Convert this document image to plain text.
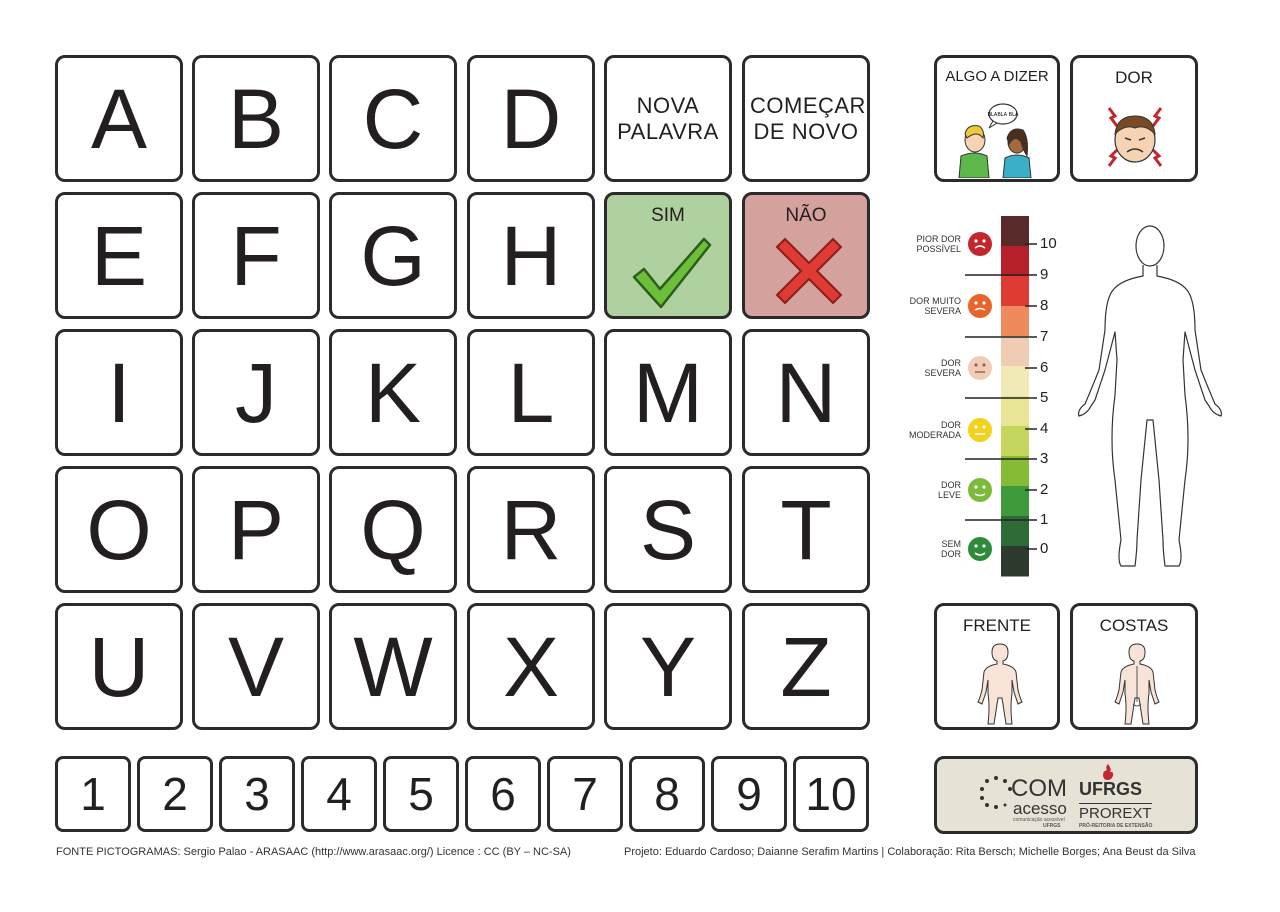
A B C D
E F G H
I J K L M N
O P Q R S T
U V W X Y Z
NOVA PALAVRA
COMEÇAR DE NOVO
SIM	NÃO
1 2 3 4 5 6 7 8 9 10
ALGO A DIZER
BLABLA BLA
DOR
10
9
8
7
6
5
4
3
2
1
0
PIOR DOR
POSSÍVEL
DOR MUITO
SEVERA
DOR
SEVERA
DOR
MODERADA
DOR
LEVE
SEM
DOR
FRENTE	COSTAS
COM
acesso
comunicação acessível
UFRGS
UFRGS
PROREXT
PRÓ-REITORIA DE EXTENSÃO
FONTE PICTOGRAMAS: Sergio Palao - ARASAAC (http://www.arasaac.org/) Licence : CC (BY – NC-SA)	Projeto: Eduardo Cardoso; Daianne Serafim Martins | Colaboração: Rita Bersch; Michelle Borges; Ana Beust da Silva
